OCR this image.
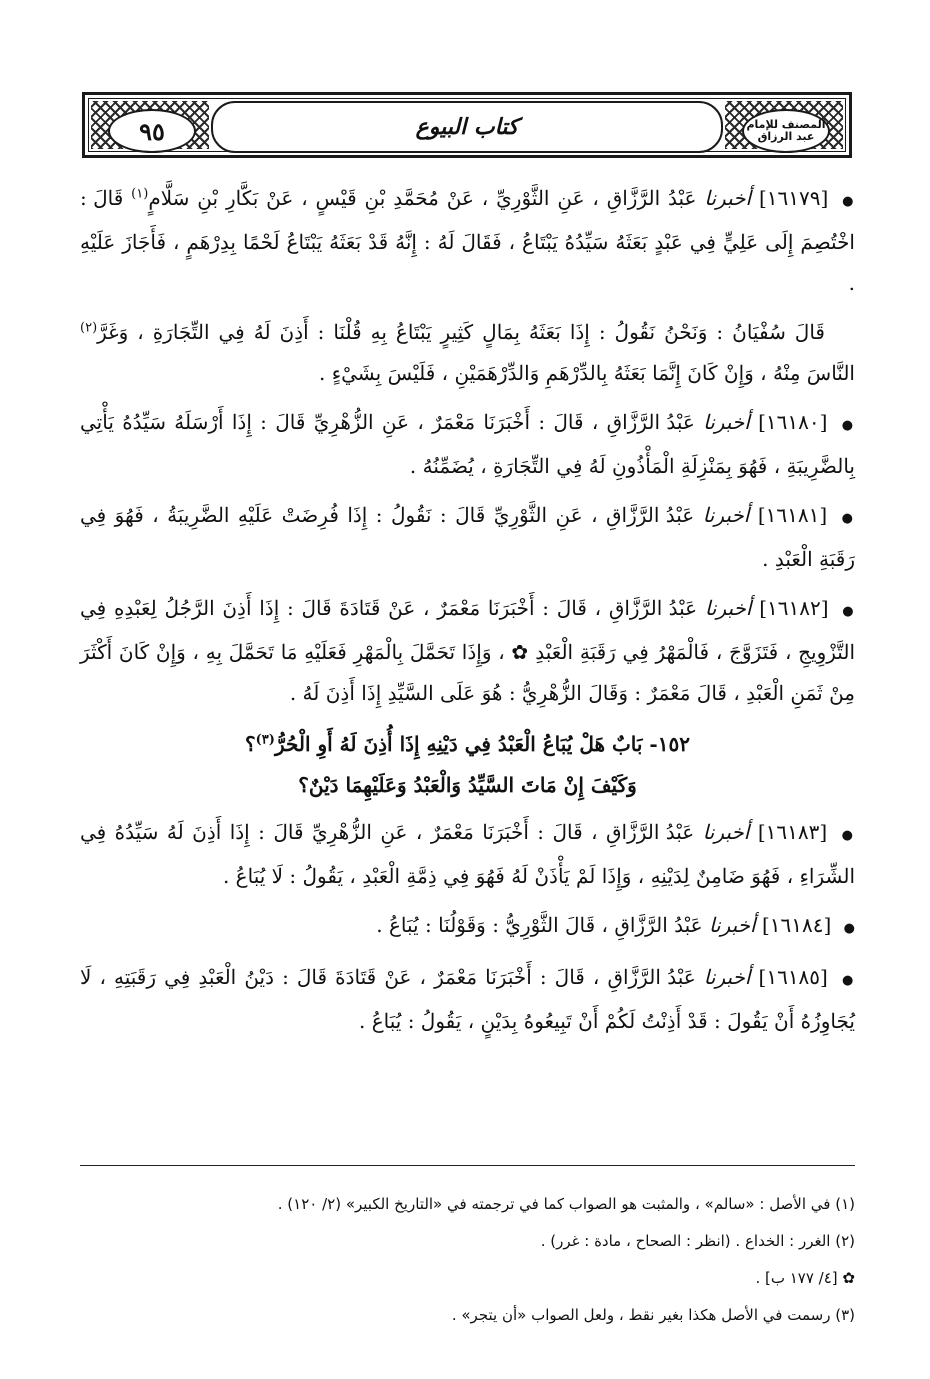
المصنف للإمام عبد الرزاق
كتاب البيوع
٩٥

● [١٦١٧٩] أخبرنا عَبْدُ الرَّزَّاقِ ، عَنِ الثَّوْرِيِّ ، عَنْ مُحَمَّدِ بْنِ قَيْسٍ ، عَنْ بَكَّارِ بْنِ سَلَّامٍ$^{(١)}$ قَالَ : اخْتُصِمَ إِلَى عَلِيٍّ فِي عَبْدٍ بَعَثَهُ سَيِّدُهُ يَبْتَاعُ ، فَقَالَ لَهُ : إِنَّهُ قَدْ بَعَثَهُ يَبْتَاعُ لَحْمًا بِدِرْهَمٍ ، فَأَجَازَ عَلَيْهِ .

قَالَ سُفْيَانُ : وَنَحْنُ نَقُولُ : إِذَا بَعَثَهُ بِمَالٍ كَثِيرٍ يَبْتَاعُ بِهِ قُلْنَا : أَذِنَ لَهُ فِي التِّجَارَةِ ، وَغَرَّ$^{(٢)}$ النَّاسَ مِنْهُ ، وَإِنْ كَانَ إِنَّمَا بَعَثَهُ بِالدِّرْهَمِ وَالدِّرْهَمَيْنِ ، فَلَيْسَ بِشَيْءٍ .

● [١٦١٨٠] أخبرنا عَبْدُ الرَّزَّاقِ ، قَالَ : أَخْبَرَنَا مَعْمَرٌ ، عَنِ الزُّهْرِيِّ قَالَ : إِذَا أَرْسَلَهُ سَيِّدُهُ يَأْتِي بِالضَّرِيبَةِ ، فَهُوَ بِمَنْزِلَةِ الْمَأْذُونِ لَهُ فِي التِّجَارَةِ ، يُضَمِّنُهُ .

● [١٦١٨١] أخبرنا عَبْدُ الرَّزَّاقِ ، عَنِ الثَّوْرِيِّ قَالَ : نَقُولُ : إِذَا فُرِضَتْ عَلَيْهِ الضَّرِيبَةُ ، فَهُوَ فِي رَقَبَةِ الْعَبْدِ .

● [١٦١٨٢] أخبرنا عَبْدُ الرَّزَّاقِ ، قَالَ : أَخْبَرَنَا مَعْمَرٌ ، عَنْ قَتَادَةَ قَالَ : إِذَا أَذِنَ الرَّجُلُ لِعَبْدِهِ فِي التَّزْوِيجِ ، فَتَزَوَّجَ ، فَالْمَهْرُ فِي رَقَبَةِ الْعَبْدِ ✿ ، وَإِذَا تَحَمَّلَ بِالْمَهْرِ فَعَلَيْهِ مَا تَحَمَّلَ بِهِ ، وَإِنْ كَانَ أَكْثَرَ مِنْ ثَمَنِ الْعَبْدِ ، قَالَ مَعْمَرٌ : وَقَالَ الزُّهْرِيُّ : هُوَ عَلَى السَّيِّدِ إِذَا أَذِنَ لَهُ .

١٥٢- بَابٌ هَلْ يُبَاعُ الْعَبْدُ فِي دَيْنِهِ إِذَا أُذِنَ لَهُ أَوِ الْحُرُّ$^{(٣)}$؟
وَكَيْفَ إِنْ مَاتَ السَّيِّدُ وَالْعَبْدُ وَعَلَيْهِمَا دَيْنٌ؟

● [١٦١٨٣] أخبرنا عَبْدُ الرَّزَّاقِ ، قَالَ : أَخْبَرَنَا مَعْمَرٌ ، عَنِ الزُّهْرِيِّ قَالَ : إِذَا أَذِنَ لَهُ سَيِّدُهُ فِي الشِّرَاءِ ، فَهُوَ ضَامِنٌ لِدَيْنِهِ ، وَإِذَا لَمْ يَأْذَنْ لَهُ فَهُوَ فِي ذِمَّةِ الْعَبْدِ ، يَقُولُ : لَا يُبَاعُ .

● [١٦١٨٤] أخبرنا عَبْدُ الرَّزَّاقِ ، قَالَ الثَّوْرِيُّ : وَقَوْلُنَا : يُبَاعُ .

● [١٦١٨٥] أخبرنا عَبْدُ الرَّزَّاقِ ، قَالَ : أَخْبَرَنَا مَعْمَرٌ ، عَنْ قَتَادَةَ قَالَ : دَيْنُ الْعَبْدِ فِي رَقَبَتِهِ ، لَا يُجَاوِزُهُ أَنْ يَقُولَ : قَدْ أَذِنْتُ لَكُمْ أَنْ تَبِيعُوهُ بِدَيْنٍ ، يَقُولُ : يُبَاعُ .

(١) في الأصل : «سالم» ، والمثبت هو الصواب كما في ترجمته في «التاريخ الكبير» (٢/ ١٢٠) .

(٢) الغرر : الخداع . (انظر : الصحاح ، مادة : غرر) .

✿ [٤/ ١٧٧ ب] .

(٣) رسمت في الأصل هكذا بغير نقط ، ولعل الصواب «أن يتجر» .
